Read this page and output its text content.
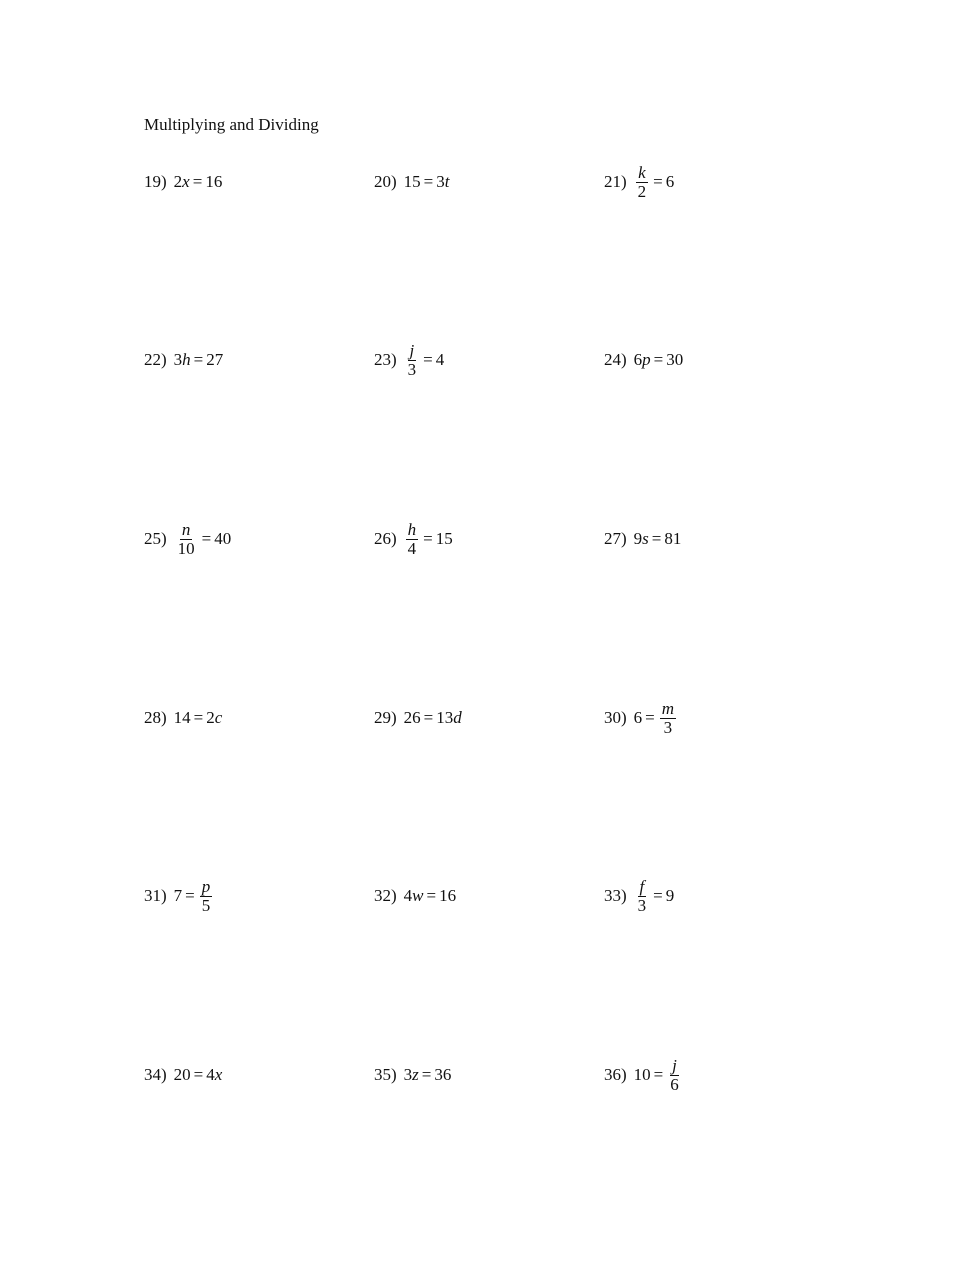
Multiplying and Dividing
19) 2 x = 16	20) 15 = 3 t	$21) \frac{k}{2} = 6$
22) 3 h = 27	$23) \frac{j}{3} = 4$	24) 6 p = 30
$25) \frac{n}{10} = 40$	$26) \frac{h}{4} = 15$	27) 9 s = 81
28) 14 = 2 c	29) 26 = 13 d	30) $6 = \frac{m}{3}$
31) $7 = \frac{p}{5}$	32) 4 w = 16	$33) \frac{f}{3} = 9$
34) 20 = 4 x	35) 3 z = 36	36) $10 = \frac{j}{6}$
